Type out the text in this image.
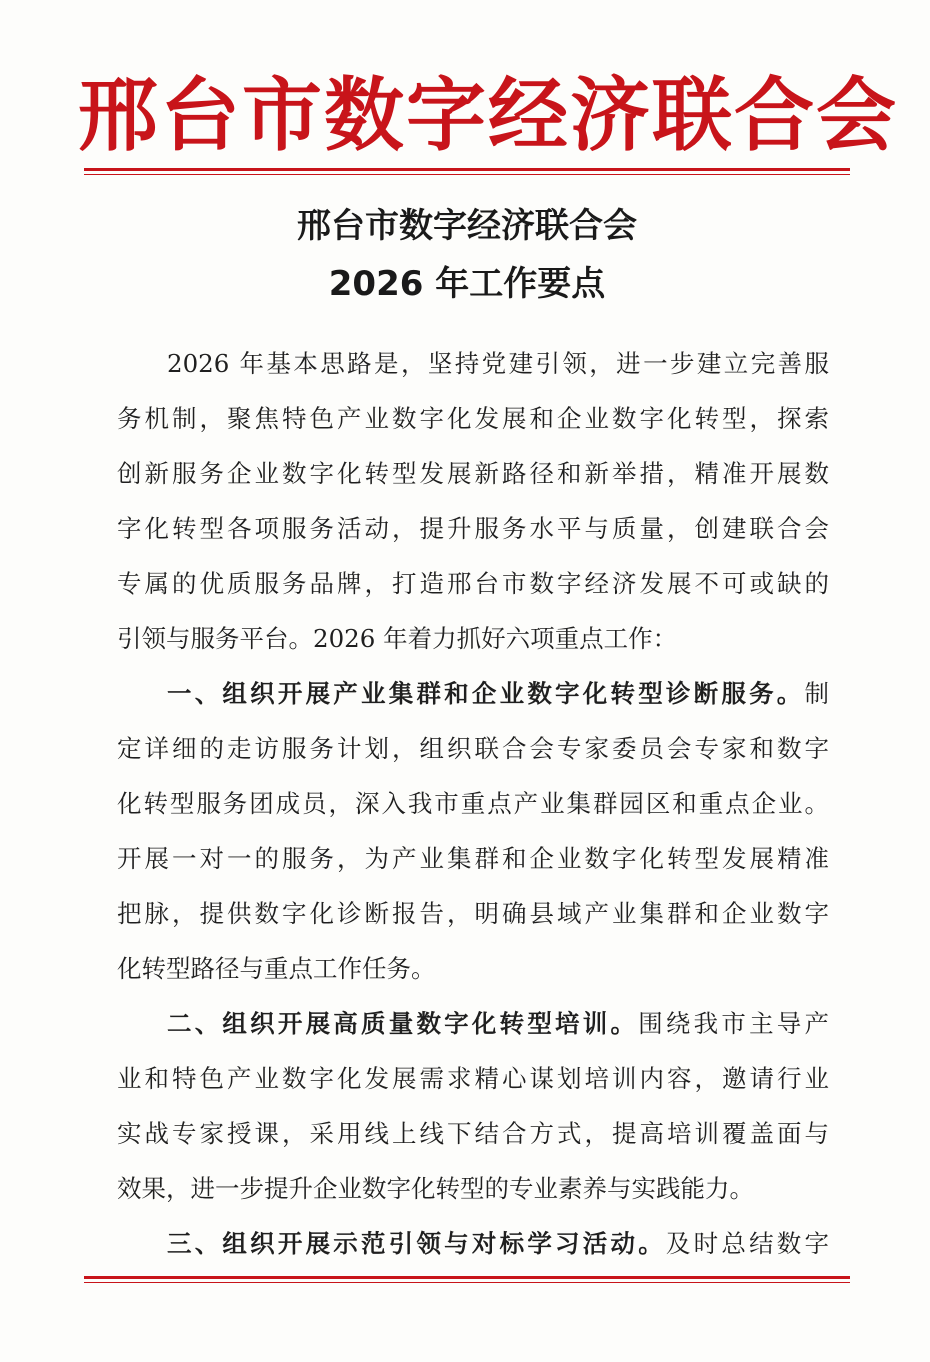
邢台市数字经济联合会
邢台市数字经济联合会
2026 年工作要点
2026 年基本思路是，坚持党建引领，进一步建立完善服
务机制，聚焦特色产业数字化发展和企业数字化转型，探索
创新服务企业数字化转型发展新路径和新举措，精准开展数
字化转型各项服务活动，提升服务水平与质量，创建联合会
专属的优质服务品牌，打造邢台市数字经济发展不可或缺的
引领与服务平台。2026 年着力抓好六项重点工作：
一、组织开展产业集群和企业数字化转型诊断服务。制
定详细的走访服务计划，组织联合会专家委员会专家和数字
化转型服务团成员，深入我市重点产业集群园区和重点企业。
开展一对一的服务，为产业集群和企业数字化转型发展精准
把脉，提供数字化诊断报告，明确县域产业集群和企业数字
化转型路径与重点工作任务。
二、组织开展高质量数字化转型培训。围绕我市主导产
业和特色产业数字化发展需求精心谋划培训内容，邀请行业
实战专家授课，采用线上线下结合方式，提高培训覆盖面与
效果，进一步提升企业数字化转型的专业素养与实践能力。
三、组织开展示范引领与对标学习活动。及时总结数字
